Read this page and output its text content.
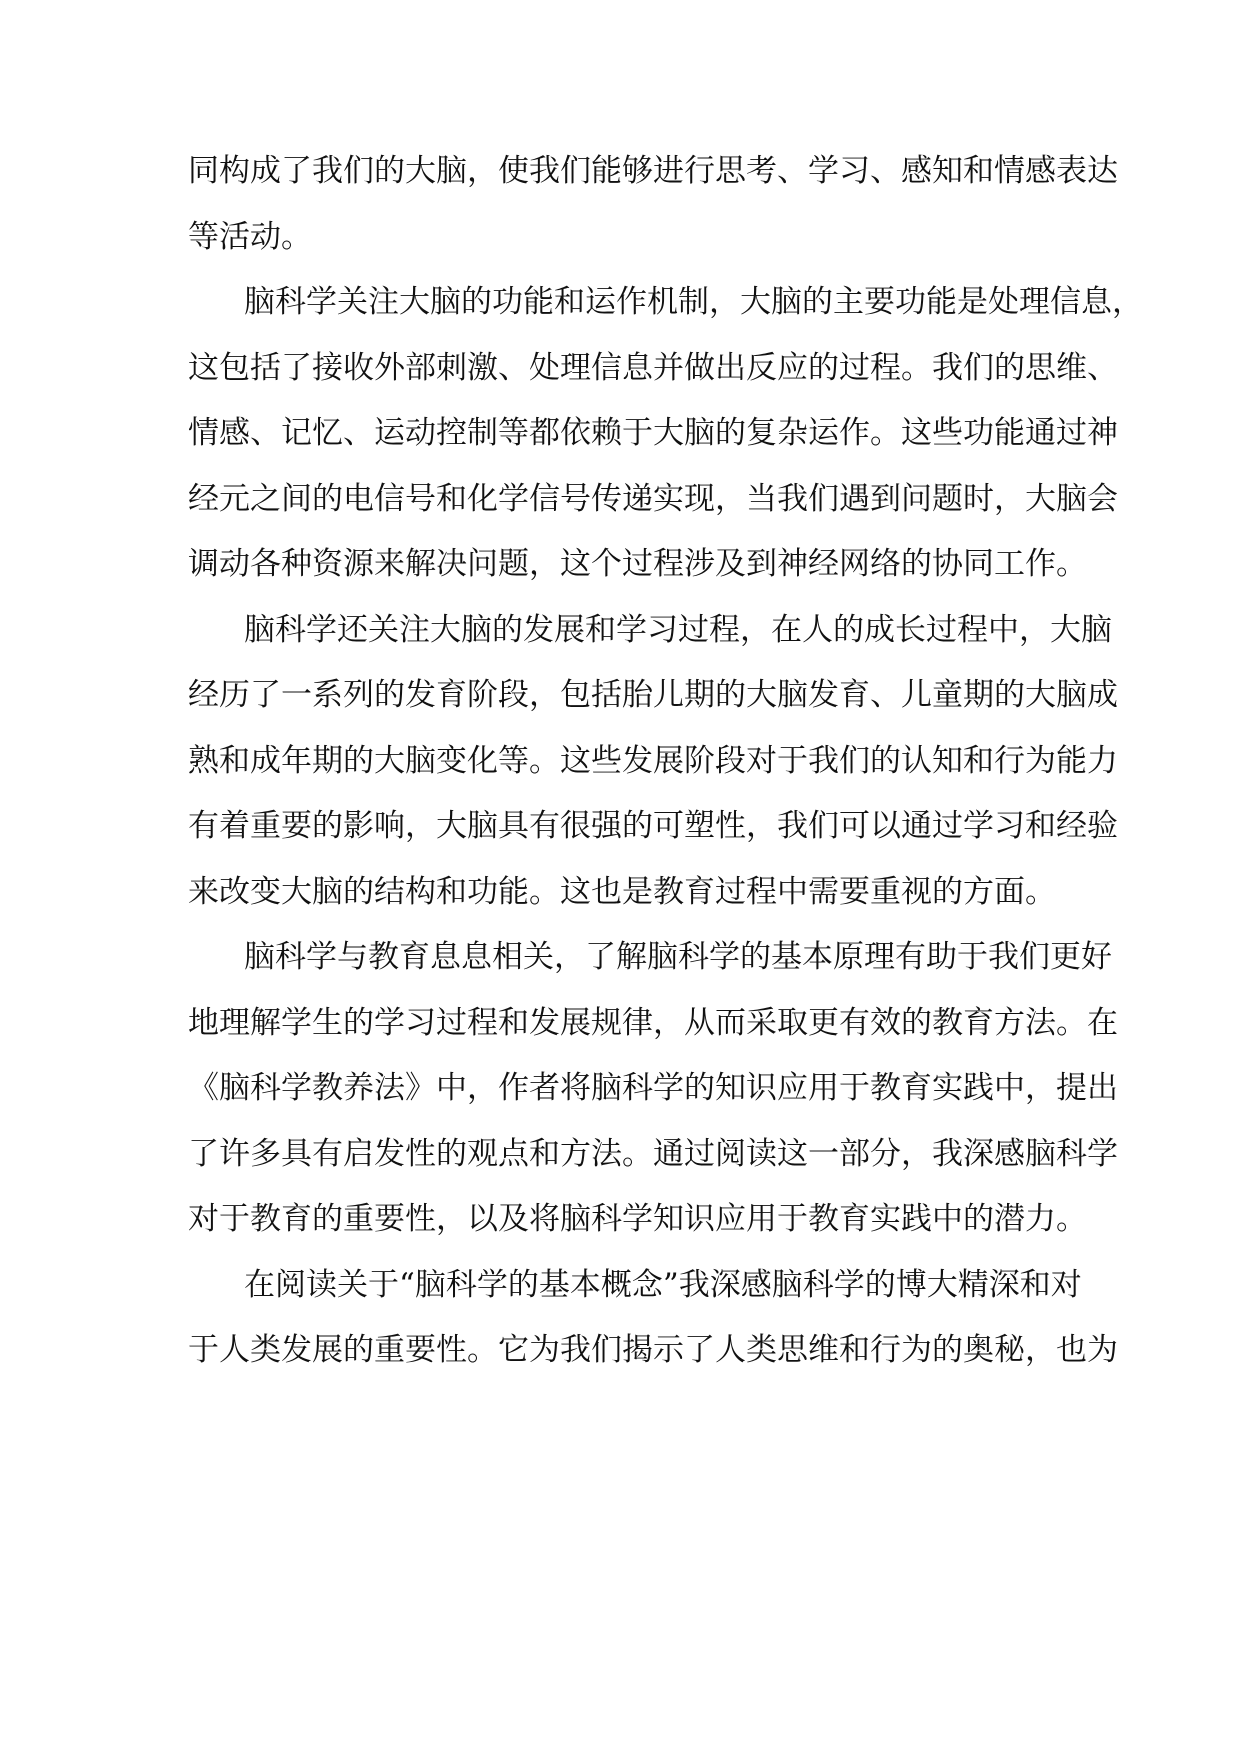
同构成了我们的大脑，使我们能够进行思考、学习、感知和情感表达
等活动。
脑科学关注大脑的功能和运作机制，大脑的主要功能是处理信息，
这包括了接收外部刺激、处理信息并做出反应的过程。我们的思维、
情感、记忆、运动控制等都依赖于大脑的复杂运作。这些功能通过神
经元之间的电信号和化学信号传递实现，当我们遇到问题时，大脑会
调动各种资源来解决问题，这个过程涉及到神经网络的协同工作。
脑科学还关注大脑的发展和学习过程，在人的成长过程中，大脑
经历了一系列的发育阶段，包括胎儿期的大脑发育、儿童期的大脑成
熟和成年期的大脑变化等。这些发展阶段对于我们的认知和行为能力
有着重要的影响，大脑具有很强的可塑性，我们可以通过学习和经验
来改变大脑的结构和功能。这也是教育过程中需要重视的方面。
脑科学与教育息息相关，了解脑科学的基本原理有助于我们更好
地理解学生的学习过程和发展规律，从而采取更有效的教育方法。在
《脑科学教养法》中，作者将脑科学的知识应用于教育实践中，提出
了许多具有启发性的观点和方法。通过阅读这一部分，我深感脑科学
对于教育的重要性，以及将脑科学知识应用于教育实践中的潜力。
在阅读关于“脑科学的基本概念”我深感脑科学的博大精深和对
于人类发展的重要性。它为我们揭示了人类思维和行为的奥秘，也为
